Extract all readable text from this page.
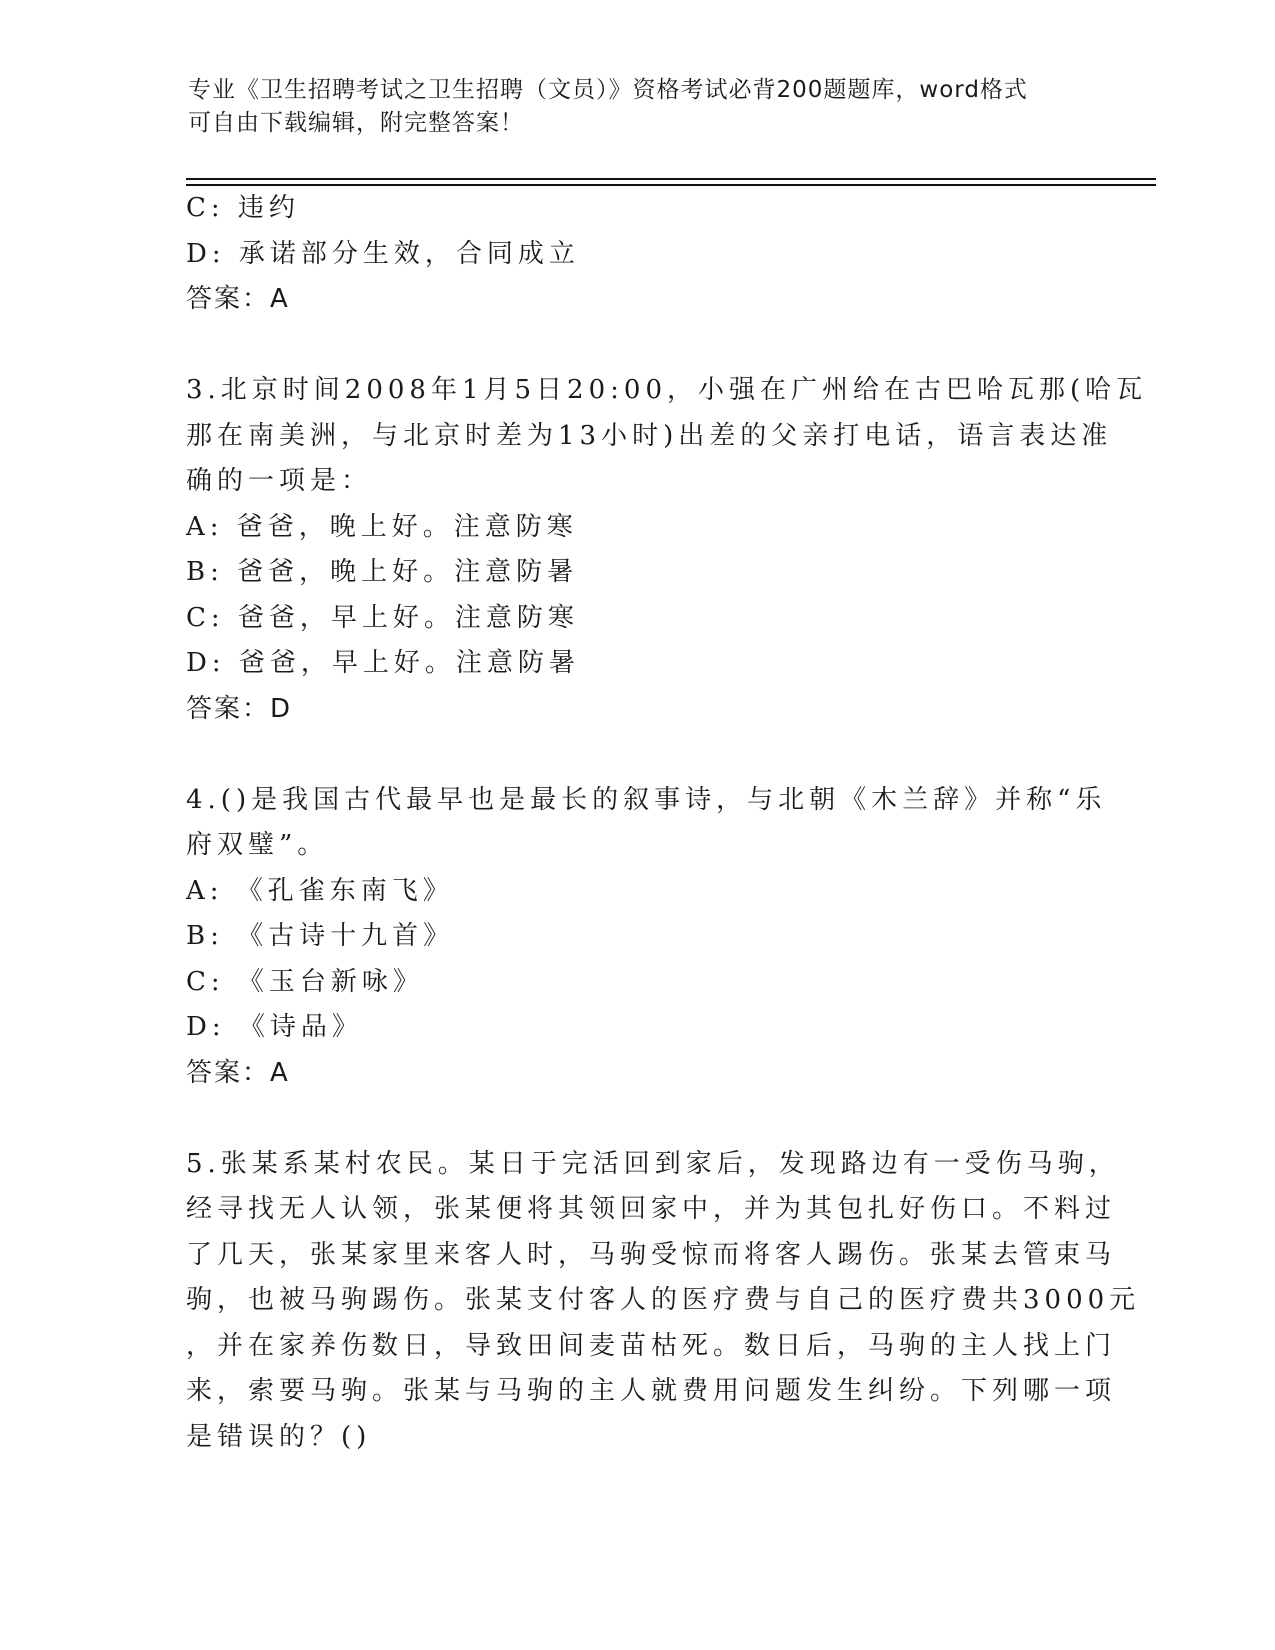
专业《卫生招聘考试之卫生招聘（文员）》资格考试必背200题题库，word格式
可自由下载编辑，附完整答案！
C: 违约
D: 承诺部分生效，合同成立
答案：A
3.北京时间2008年1月5日20:00，小强在广州给在古巴哈瓦那(哈瓦
那在南美洲，与北京时差为13小时)出差的父亲打电话，语言表达准
确的一项是：
A: 爸爸，晚上好。注意防寒
B: 爸爸，晚上好。注意防暑
C: 爸爸，早上好。注意防寒
D: 爸爸，早上好。注意防暑
答案：D
4.()是我国古代最早也是最长的叙事诗，与北朝《木兰辞》并称“乐
府双璧”。
A: 《孔雀东南飞》
B: 《古诗十九首》
C: 《玉台新咏》
D: 《诗品》
答案：A
5.张某系某村农民。某日于完活回到家后，发现路边有一受伤马驹，
经寻找无人认领，张某便将其领回家中，并为其包扎好伤口。不料过
了几天，张某家里来客人时，马驹受惊而将客人踢伤。张某去管束马
驹，也被马驹踢伤。张某支付客人的医疗费与自己的医疗费共3000元
，并在家养伤数日，导致田间麦苗枯死。数日后，马驹的主人找上门
来，索要马驹。张某与马驹的主人就费用问题发生纠纷。下列哪一项
是错误的？()
